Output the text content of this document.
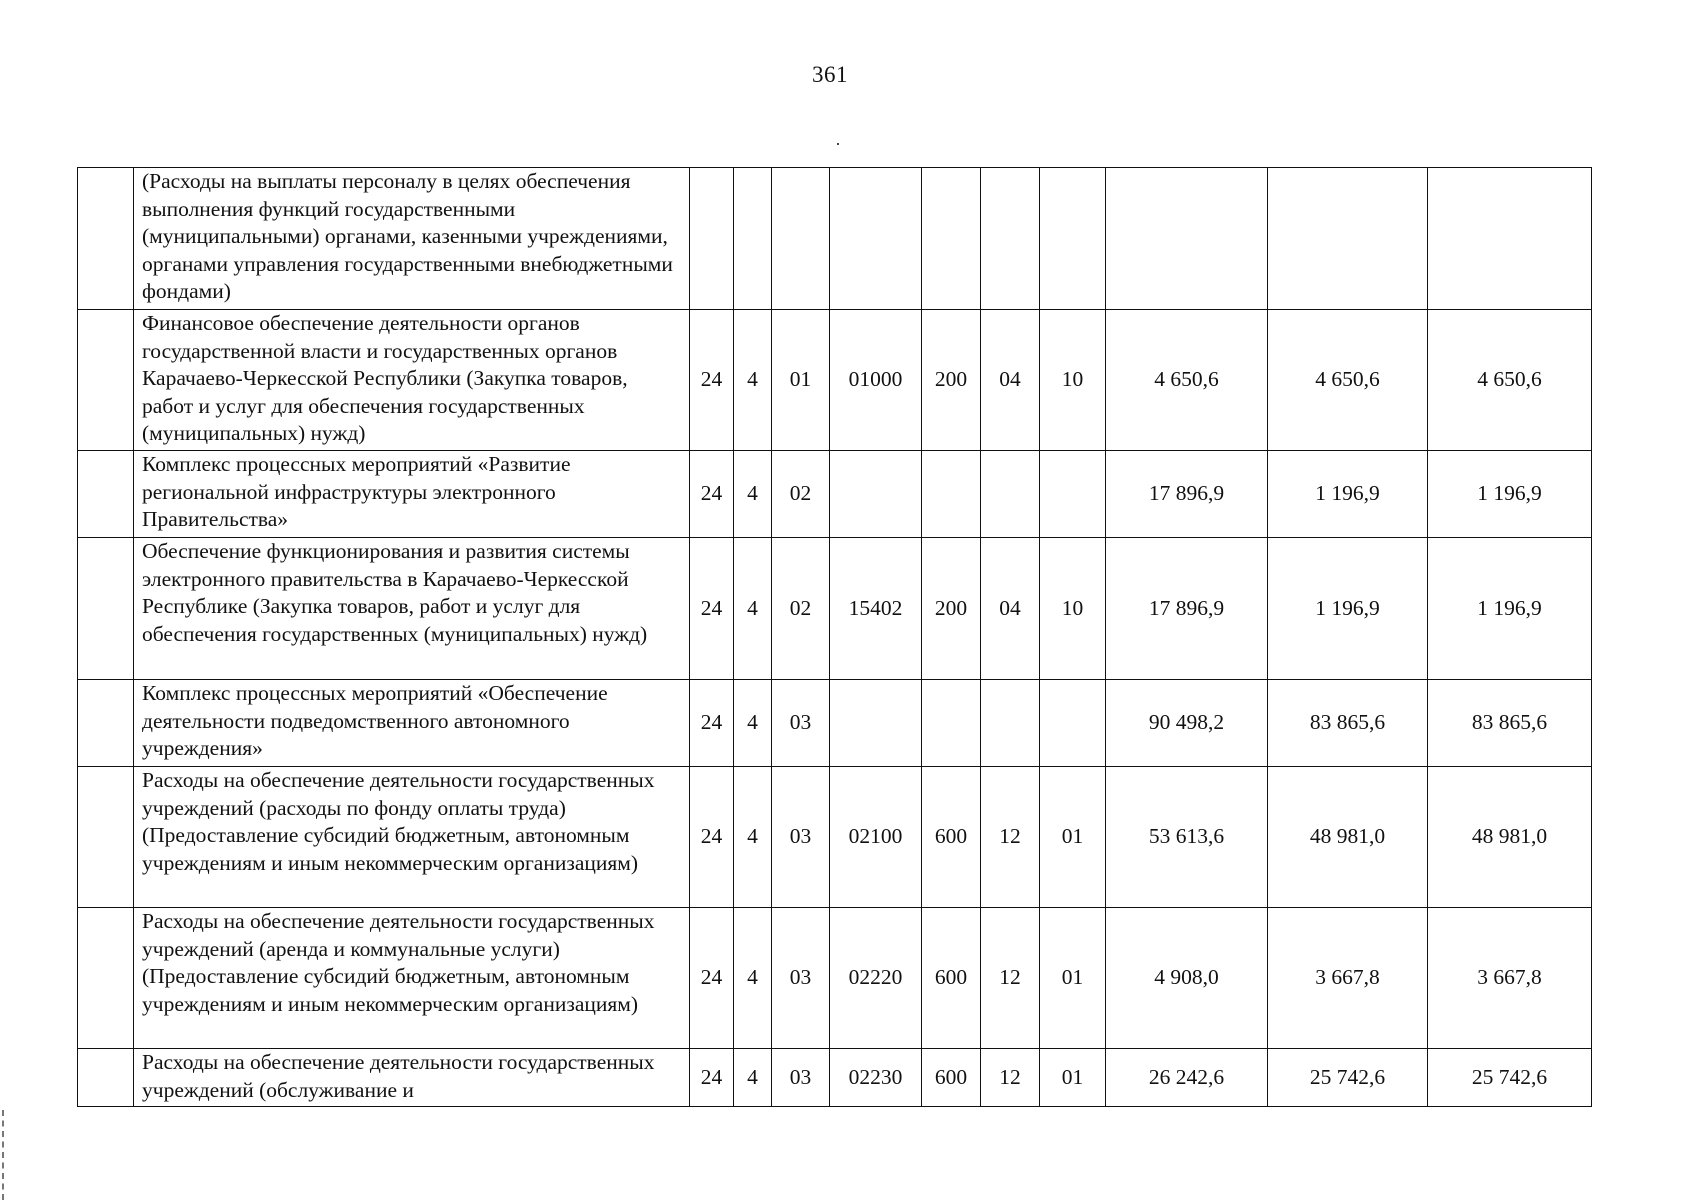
361
	(Расходы на выплаты персоналу в целях обеспечения выполнения функций государственными (муниципальными) органами, казенными учреждениями, органами управления государственными внебюджетными фондами)										
	Финансовое обеспечение деятельности органов государственной власти и государственных органов Карачаево-Черкесской Республики (Закупка товаров, работ и услуг для обеспечения государственных (муниципальных) нужд)	24	4	01	01000	200	04	10	4 650,6	4 650,6	4 650,6
	Комплекс процессных мероприятий «Развитие региональной инфраструктуры электронного Правительства»	24	4	02					17 896,9	1 196,9	1 196,9
	Обеспечение функционирования и развития системы электронного правительства в Карачаево-Черкесской Республике (Закупка товаров, работ и услуг для обеспечения государственных (муниципальных) нужд)	24	4	02	15402	200	04	10	17 896,9	1 196,9	1 196,9
	Комплекс процессных мероприятий «Обеспечение деятельности подведомственного автономного учреждения»	24	4	03					90 498,2	83 865,6	83 865,6
	Расходы на обеспечение деятельности государственных учреждений (расходы по фонду оплаты труда) (Предоставление субсидий бюджетным, автономным учреждениям и иным некоммерческим организациям)	24	4	03	02100	600	12	01	53 613,6	48 981,0	48 981,0
	Расходы на обеспечение деятельности государственных учреждений (аренда и коммунальные услуги) (Предоставление субсидий бюджетным, автономным учреждениям и иным некоммерческим организациям)	24	4	03	02220	600	12	01	4 908,0	3 667,8	3 667,8
	Расходы на обеспечение деятельности государственных учреждений (обслуживание и	24	4	03	02230	600	12	01	26 242,6	25 742,6	25 742,6
